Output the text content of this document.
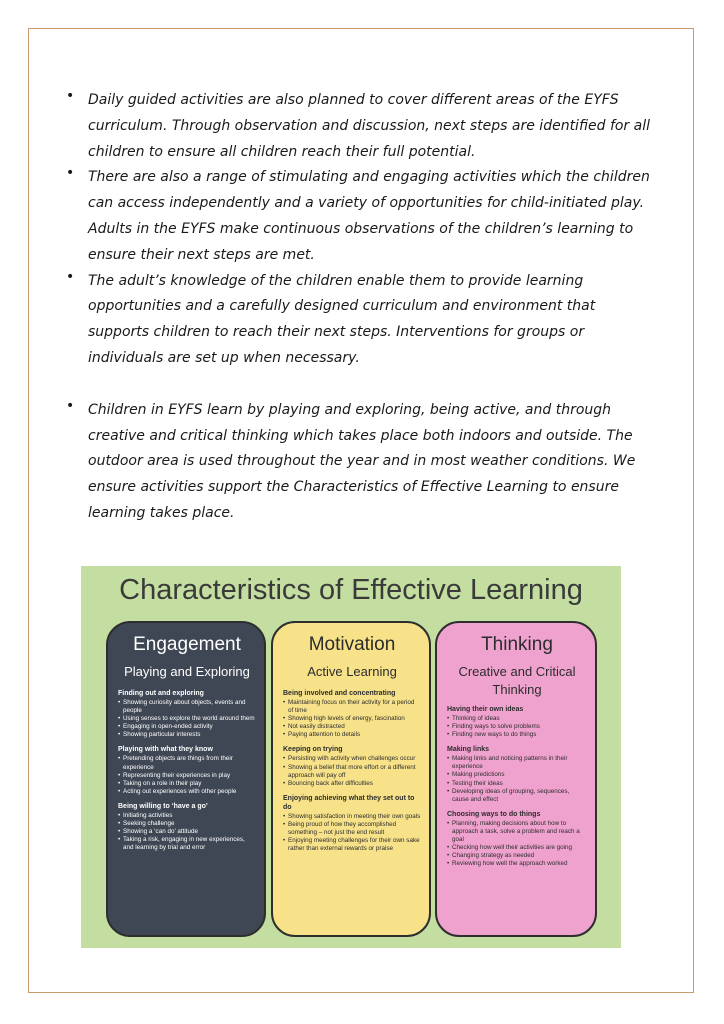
• Daily guided activities are also planned to cover different areas of the EYFS curriculum. Through observation and discussion, next steps are identified for all children to ensure all children reach their full potential.
• There are also a range of stimulating and engaging activities which the children can access independently and a variety of opportunities for child-initiated play. Adults in the EYFS make continuous observations of the children’s learning to ensure their next steps are met.
• The adult’s knowledge of the children enable them to provide learning opportunities and a carefully designed curriculum and environment that supports children to reach their next steps. Interventions for groups or individuals are set up when necessary.
• Children in EYFS learn by playing and exploring, being active, and through creative and critical thinking which takes place both indoors and outside. The outdoor area is used throughout the year and in most weather conditions. We ensure activities support the Characteristics of Effective Learning to ensure learning takes place.
Characteristics of Effective Learning

Engagement

Playing and Exploring

Finding out and exploring

• Showing curiosity about objects, events and people

• Using senses to explore the world around them

• Engaging in open-ended activity

• Showing particular interests

Playing with what they know

• Pretending objects are things from their experience

• Representing their experiences in play

• Taking on a role in their play

• Acting out experiences with other people

Being willing to ‘have a go’

• Initiating activities

• Seeking challenge

• Showing a ‘can do’ attitude

• Taking a risk, engaging in new experiences, and learning by trial and error

Motivation

Active Learning

Being involved and concentrating

• Maintaining focus on their activity for a period of time

• Showing high levels of energy, fascination

• Not easily distracted

• Paying attention to details

Keeping on trying

• Persisting with activity when challenges occur

• Showing a belief that more effort or a different approach will pay off

• Bouncing back after difficulties

Enjoying achieving what they set out to do

• Showing satisfaction in meeting their own goals

• Being proud of how they accomplished something – not just the end result

• Enjoying meeting challenges for their own sake rather than external rewards or praise

Thinking

Creative and Critical Thinking

Having their own ideas

• Thinking of ideas

• Finding ways to solve problems

• Finding new ways to do things

Making links

• Making links and noticing patterns in their experience

• Making predictions

• Testing their ideas

• Developing ideas of grouping, sequences, cause and effect

Choosing ways to do things

• Planning, making decisions about how to approach a task, solve a problem and reach a goal

• Checking how well their activities are going

• Changing strategy as needed

• Reviewing how well the approach worked
